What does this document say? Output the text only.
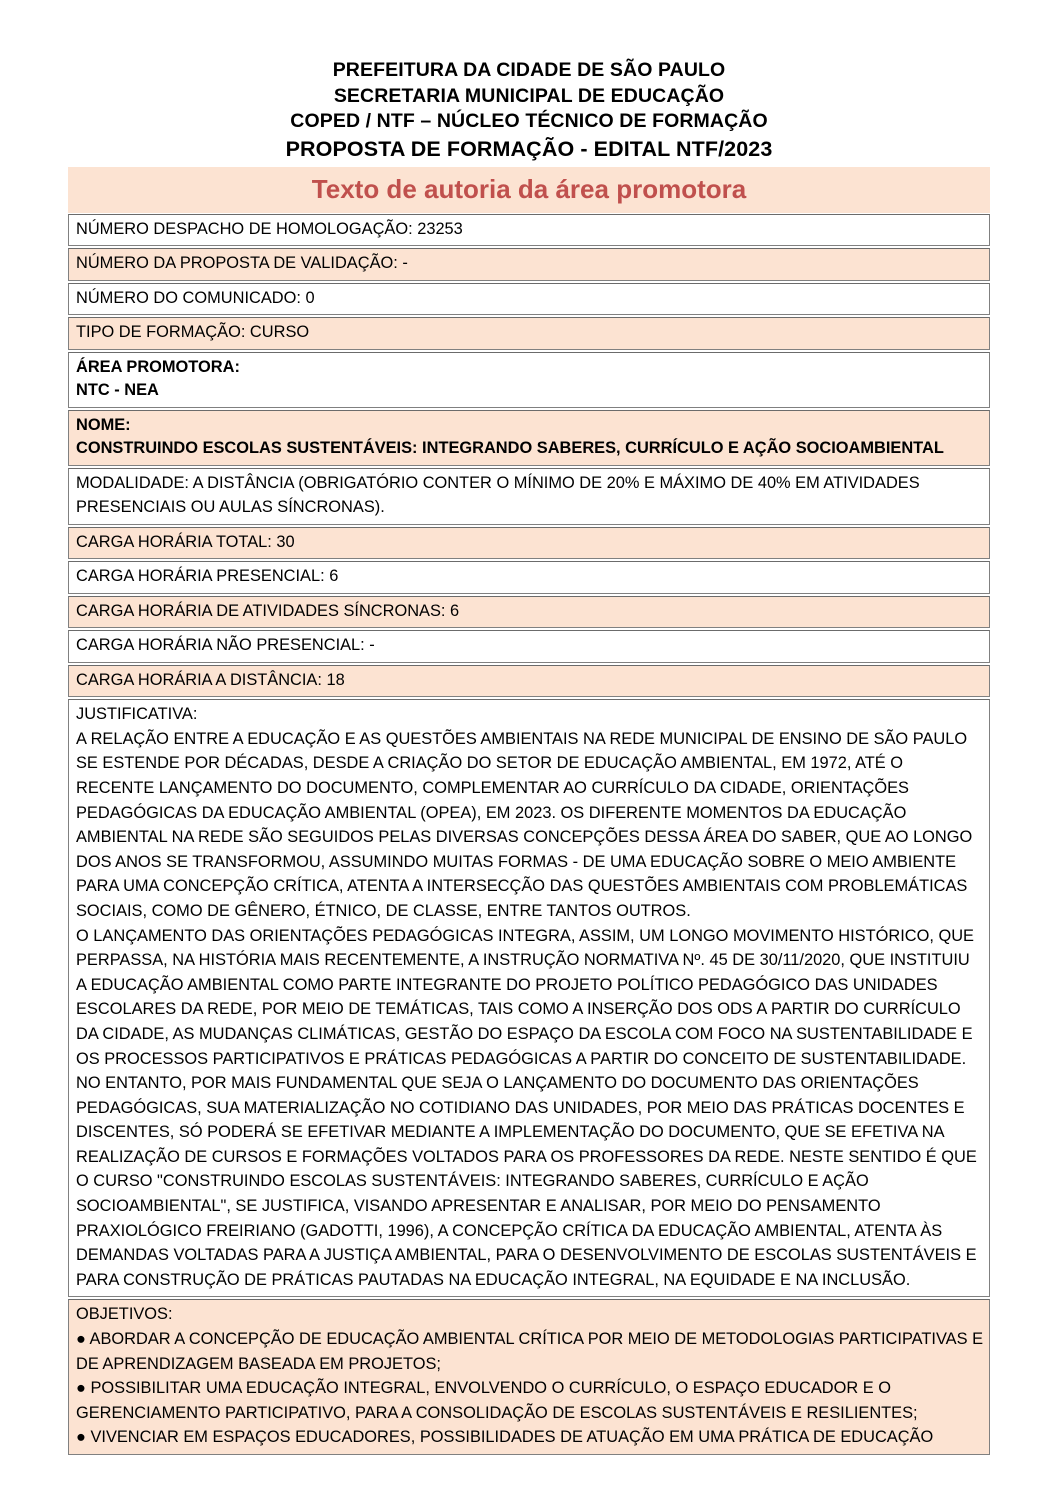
PREFEITURA DA CIDADE DE SÃO PAULO
SECRETARIA MUNICIPAL DE EDUCAÇÃO
COPED / NTF – NÚCLEO TÉCNICO DE FORMAÇÃO
PROPOSTA DE FORMAÇÃO - EDITAL NTF/2023
Texto de autoria da área promotora
NÚMERO DESPACHO DE HOMOLOGAÇÃO: 23253
NÚMERO DA PROPOSTA DE VALIDAÇÃO: -
NÚMERO DO COMUNICADO: 0
TIPO DE FORMAÇÃO: CURSO
ÁREA PROMOTORA:
NTC - NEA
NOME:
CONSTRUINDO ESCOLAS SUSTENTÁVEIS: INTEGRANDO SABERES, CURRÍCULO E AÇÃO SOCIOAMBIENTAL
MODALIDADE: A DISTÂNCIA (OBRIGATÓRIO CONTER O MÍNIMO DE 20% E MÁXIMO DE 40% EM ATIVIDADES PRESENCIAIS OU AULAS SÍNCRONAS).
CARGA HORÁRIA TOTAL: 30
CARGA HORÁRIA PRESENCIAL: 6
CARGA HORÁRIA DE ATIVIDADES SÍNCRONAS: 6
CARGA HORÁRIA NÃO PRESENCIAL: -
CARGA HORÁRIA A DISTÂNCIA: 18

JUSTIFICATIVA:

A RELAÇÃO ENTRE A EDUCAÇÃO E AS QUESTÕES AMBIENTAIS NA REDE MUNICIPAL DE ENSINO DE SÃO PAULO SE ESTENDE POR DÉCADAS, DESDE A CRIAÇÃO DO SETOR DE EDUCAÇÃO AMBIENTAL, EM 1972, ATÉ O RECENTE LANÇAMENTO DO DOCUMENTO, COMPLEMENTAR AO CURRÍCULO DA CIDADE, ORIENTAÇÕES PEDAGÓGICAS DA EDUCAÇÃO AMBIENTAL (OPEA), EM 2023. OS DIFERENTE MOMENTOS DA EDUCAÇÃO AMBIENTAL NA REDE SÃO SEGUIDOS PELAS DIVERSAS CONCEPÇÕES DESSA ÁREA DO SABER, QUE AO LONGO DOS ANOS SE TRANSFORMOU, ASSUMINDO MUITAS FORMAS - DE UMA EDUCAÇÃO SOBRE O MEIO AMBIENTE PARA UMA CONCEPÇÃO CRÍTICA, ATENTA A INTERSECÇÃO DAS QUESTÕES AMBIENTAIS COM PROBLEMÁTICAS SOCIAIS, COMO DE GÊNERO, ÉTNICO, DE CLASSE, ENTRE TANTOS OUTROS.

O LANÇAMENTO DAS ORIENTAÇÕES PEDAGÓGICAS INTEGRA, ASSIM, UM LONGO MOVIMENTO HISTÓRICO, QUE PERPASSA, NA HISTÓRIA MAIS RECENTEMENTE, A INSTRUÇÃO NORMATIVA Nº. 45 DE 30/11/2020, QUE INSTITUIU A EDUCAÇÃO AMBIENTAL COMO PARTE INTEGRANTE DO PROJETO POLÍTICO PEDAGÓGICO DAS UNIDADES ESCOLARES DA REDE, POR MEIO DE TEMÁTICAS, TAIS COMO A INSERÇÃO DOS ODS A PARTIR DO CURRÍCULO DA CIDADE, AS MUDANÇAS CLIMÁTICAS, GESTÃO DO ESPAÇO DA ESCOLA COM FOCO NA SUSTENTABILIDADE E OS PROCESSOS PARTICIPATIVOS E PRÁTICAS PEDAGÓGICAS A PARTIR DO CONCEITO DE SUSTENTABILIDADE.

NO ENTANTO, POR MAIS FUNDAMENTAL QUE SEJA O LANÇAMENTO DO DOCUMENTO DAS ORIENTAÇÕES PEDAGÓGICAS, SUA MATERIALIZAÇÃO NO COTIDIANO DAS UNIDADES, POR MEIO DAS PRÁTICAS DOCENTES E DISCENTES, SÓ PODERÁ SE EFETIVAR MEDIANTE A IMPLEMENTAÇÃO DO DOCUMENTO, QUE SE EFETIVA NA REALIZAÇÃO DE CURSOS E FORMAÇÕES VOLTADOS PARA OS PROFESSORES DA REDE. NESTE SENTIDO É QUE O CURSO "CONSTRUINDO ESCOLAS SUSTENTÁVEIS: INTEGRANDO SABERES, CURRÍCULO E AÇÃO SOCIOAMBIENTAL", SE JUSTIFICA, VISANDO APRESENTAR E ANALISAR, POR MEIO DO PENSAMENTO PRAXIOLÓGICO FREIRIANO (GADOTTI, 1996), A CONCEPÇÃO CRÍTICA DA EDUCAÇÃO AMBIENTAL, ATENTA ÀS DEMANDAS VOLTADAS PARA A JUSTIÇA AMBIENTAL, PARA O DESENVOLVIMENTO DE ESCOLAS SUSTENTÁVEIS E PARA CONSTRUÇÃO DE PRÁTICAS PAUTADAS NA EDUCAÇÃO INTEGRAL, NA EQUIDADE E NA INCLUSÃO.

OBJETIVOS:

● ABORDAR A CONCEPÇÃO DE EDUCAÇÃO AMBIENTAL CRÍTICA POR MEIO DE METODOLOGIAS PARTICIPATIVAS E DE APRENDIZAGEM BASEADA EM PROJETOS;

● POSSIBILITAR UMA EDUCAÇÃO INTEGRAL, ENVOLVENDO O CURRÍCULO, O ESPAÇO EDUCADOR E O GERENCIAMENTO PARTICIPATIVO, PARA A CONSOLIDAÇÃO DE ESCOLAS SUSTENTÁVEIS E RESILIENTES;

● VIVENCIAR EM ESPAÇOS EDUCADORES, POSSIBILIDADES DE ATUAÇÃO EM UMA PRÁTICA DE EDUCAÇÃO
